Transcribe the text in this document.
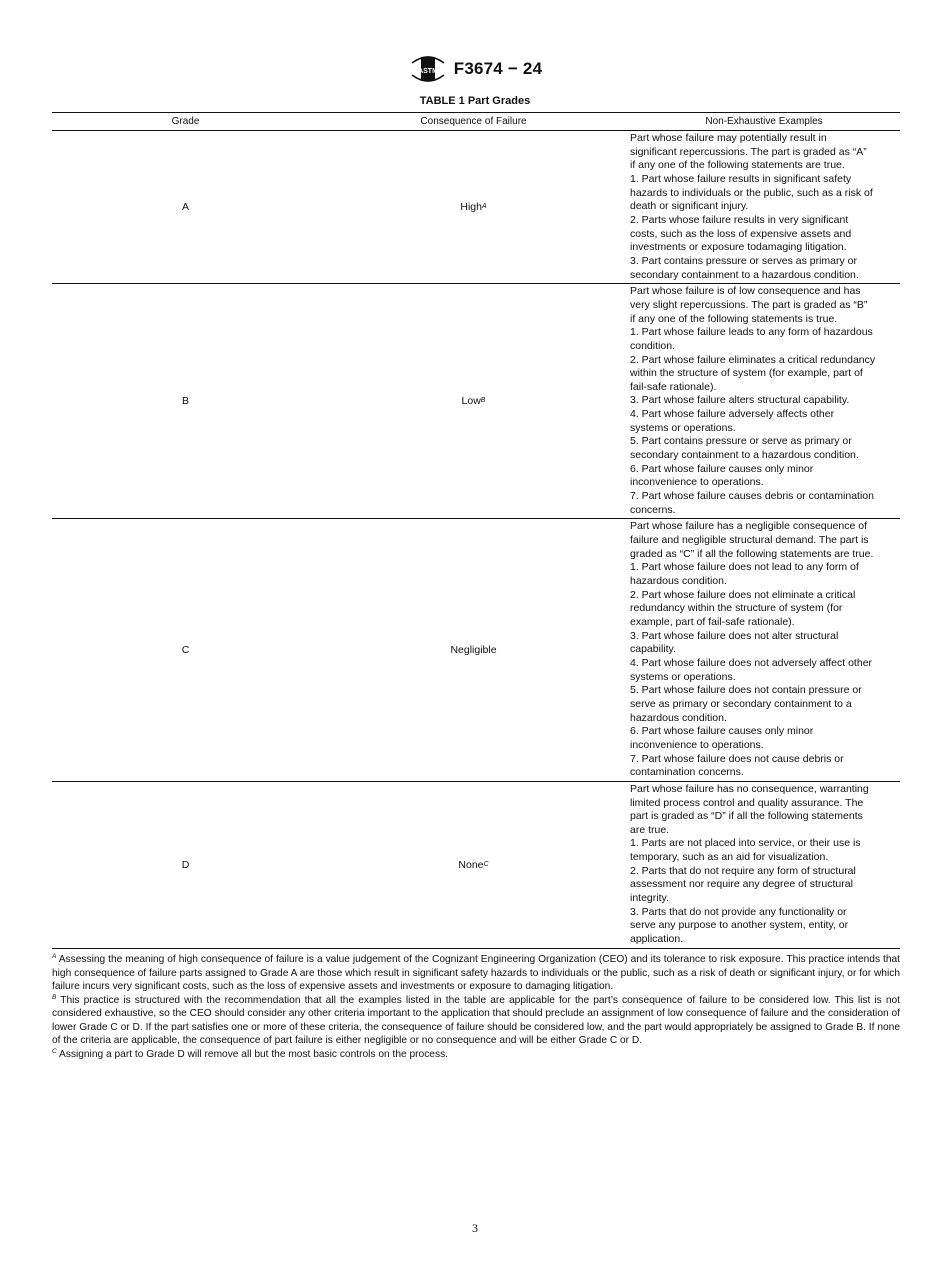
ASTM F3674 − 24
TABLE 1 Part Grades
Grade	Consequence of Failure	Non-Exhaustive Examples
A	High A
Part whose failure may potentially result in
significant repercussions. The part is graded as “A”
if any one of the following statements are true.
1. Part whose failure results in significant safety
hazards to individuals or the public, such as a risk of
death or significant injury.
2. Parts whose failure results in very significant
costs, such as the loss of expensive assets and
investments or exposure todamaging litigation.
3. Part contains pressure or serves as primary or
secondary containment to a hazardous condition.
B	Low B
Part whose failure is of low consequence and has
very slight repercussions. The part is graded as “B”
if any one of the following statements is true.
1. Part whose failure leads to any form of hazardous
condition.
2. Part whose failure eliminates a critical redundancy
within the structure of system (for example, part of
fail-safe rationale).
3. Part whose failure alters structural capability.
4. Part whose failure adversely affects other
systems or operations.
5. Part contains pressure or serve as primary or
secondary containment to a hazardous condition.
6. Part whose failure causes only minor
inconvenience to operations.
7. Part whose failure causes debris or contamination
concerns.
C	Negligible
Part whose failure has a negligible consequence of
failure and negligible structural demand. The part is
graded as “C” if all the following statements are true.
1. Part whose failure does not lead to any form of
hazardous condition.
2. Part whose failure does not eliminate a critical
redundancy within the structure of system (for
example, part of fail-safe rationale).
3. Part whose failure does not alter structural
capability.
4. Part whose failure does not adversely affect other
systems or operations.
5. Part whose failure does not contain pressure or
serve as primary or secondary containment to a
hazardous condition.
6. Part whose failure causes only minor
inconvenience to operations.
7. Part whose failure does not cause debris or
contamination concerns.
D	None C
Part whose failure has no consequence, warranting
limited process control and quality assurance. The
part is graded as “D” if all the following statements
are true.
1. Parts are not placed into service, or their use is
temporary, such as an aid for visualization.
2. Parts that do not require any form of structural
assessment nor require any degree of structural
integrity.
3. Parts that do not provide any functionality or
serve any purpose to another system, entity, or
application.

$^A$ Assessing the meaning of high consequence of failure is a value judgement of the Cognizant Engineering Organization (CEO) and its tolerance to risk exposure. This practice intends that high consequence of failure parts assigned to Grade A are those which result in significant safety hazards to individuals or the public, such as a risk of death or significant injury, or for which failure incurs very significant costs, such as the loss of expensive assets and investments or exposure to damaging litigation.

$^B$ This practice is structured with the recommendation that all the examples listed in the table are applicable for the part’s consequence of failure to be considered low. This list is not considered exhaustive, so the CEO should consider any other criteria important to the application that should preclude an assignment of low consequence of failure and the consideration of lower Grade C or D. If the part satisfies one or more of these criteria, the consequence of failure should be considered low, and the part would appropriately be assigned to Grade B. If none of the criteria are applicable, the consequence of part failure is either negligible or no consequence and will be either Grade C or D.

$^C$ Assigning a part to Grade D will remove all but the most basic controls on the process.

3
